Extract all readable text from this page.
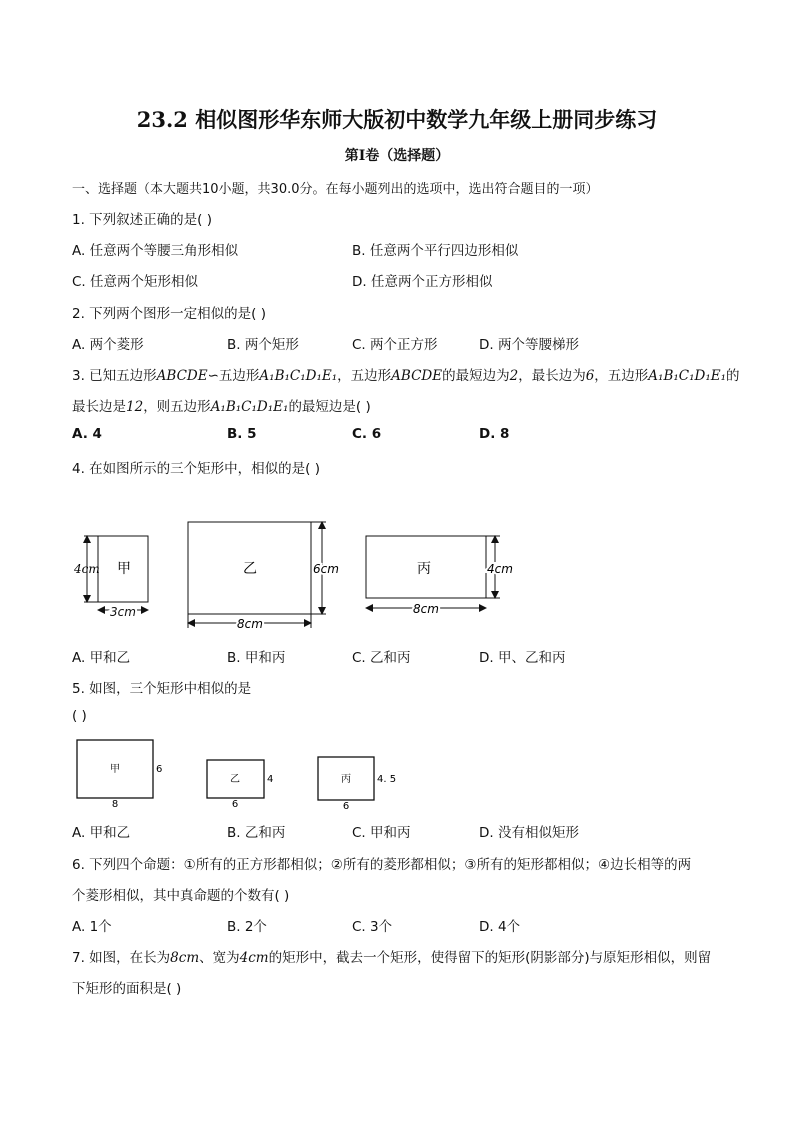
23.2 相似图形华东师大版初中数学九年级上册同步练习
第I卷（选择题）
一、选择题（本大题共10小题，共30.0分。在每小题列出的选项中，选出符合题目的一项）
1. 下列叙述正确的是( )
A. 任意两个等腰三角形相似	B. 任意两个平行四边形相似
C. 任意两个矩形相似	D. 任意两个正方形相似
2. 下列两个图形一定相似的是( )
A. 两个菱形	B. 两个矩形	C. 两个正方形	D. 两个等腰梯形
3. 已知五边形ABCDE∽五边形A₁B₁C₁D₁E₁，五边形ABCDE的最短边为2，最长边为6，五边形A₁B₁C₁D₁E₁的
最长边是12，则五边形A₁B₁C₁D₁E₁的最短边是( )
A. 4	B. 5	C. 6	D. 8
4. 在如图所示的三个矩形中，相似的是( )
甲
4cm
3cm
乙	6cm
8cm
丙	4cm
8cm
A. 甲和乙	B. 甲和丙	C. 乙和丙	D. 甲、乙和丙
5. 如图，三个矩形中相似的是
( )
甲	6
8
乙	4
6
丙	4. 5
6
A. 甲和乙	B. 乙和丙	C. 甲和丙	D. 没有相似矩形
6. 下列四个命题：①所有的正方形都相似；②所有的菱形都相似；③所有的矩形都相似；④边长相等的两
个菱形相似，其中真命题的个数有( )
A. 1个	B. 2个	C. 3个	D. 4个
7. 如图，在长为8cm、宽为4cm的矩形中，截去一个矩形，使得留下的矩形(阴影部分)与原矩形相似，则留
下矩形的面积是( )
